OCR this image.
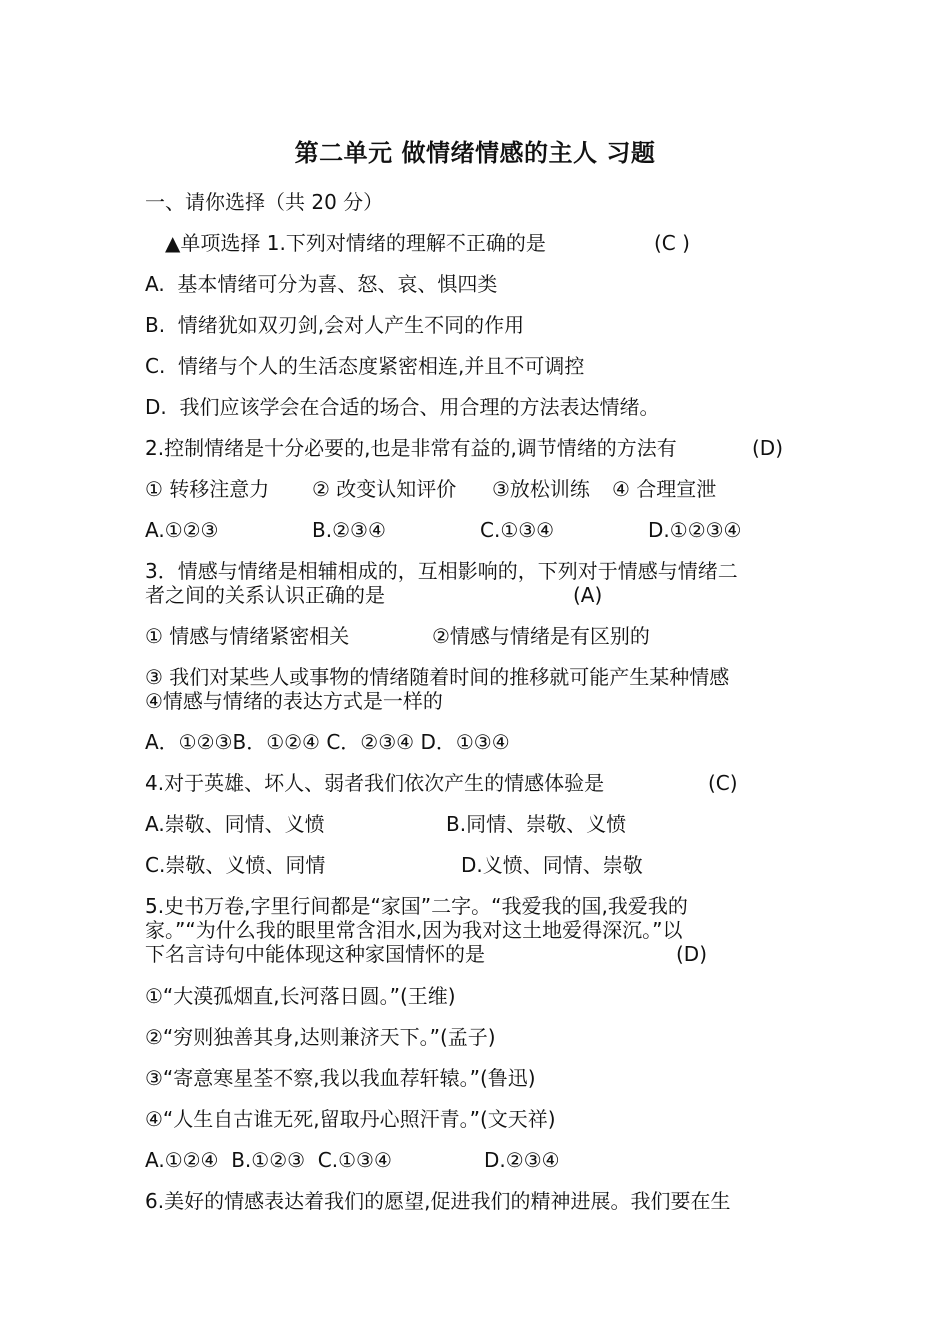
第二单元 做情绪情感的主人 习题
一、请你选择（共 20 分）
▲单项选择 1.下列对情绪的理解不正确的是	(C )
A.  基本情绪可分为喜、怒、哀、惧四类
B.  情绪犹如双刃剑,会对人产生不同的作用
C.  情绪与个人的生活态度紧密相连,并且不可调控
D.  我们应该学会在合适的场合、用合理的方法表达情绪。
2.控制情绪是十分必要的,也是非常有益的,调节情绪的方法有	(D)
① 转移注意力 ② 改变认知评价 ③放松训练 ④ 合理宣泄
A.①②③	B.②③④	C.①③④	D.①②③④
3．情感与情绪是相辅相成的，互相影响的，下列对于情感与情绪二
者之间的关系认识正确的是	(A)
① 情感与情绪紧密相关	②情感与情绪是有区别的
③ 我们对某些人或事物的情绪随着时间的推移就可能产生某种情感
④情感与情绪的表达方式是一样的
A．①②③B．①②④ C．②③④ D．①③④
4.对于英雄、坏人、弱者我们依次产生的情感体验是	(C)
A.崇敬、同情、义愤	B.同情、崇敬、义愤
C.崇敬、义愤、同情	D.义愤、同情、崇敬
5.史书万卷,字里行间都是“家国”二字。“我爱我的国,我爱我的
家。”“为什么我的眼里常含泪水,因为我对这土地爱得深沉。”以
下名言诗句中能体现这种家国情怀的是	(D)
①“大漠孤烟直,长河落日圆。”(王维)
②“穷则独善其身,达则兼济天下。”(孟子)
③“寄意寒星荃不察,我以我血荐轩辕。”(鲁迅)
④“人生自古谁无死,留取丹心照汗青。”(文天祥)
A.①②④  B.①②③  C.①③④	D.②③④
6.美好的情感表达着我们的愿望,促进我们的精神进展。我们要在生
